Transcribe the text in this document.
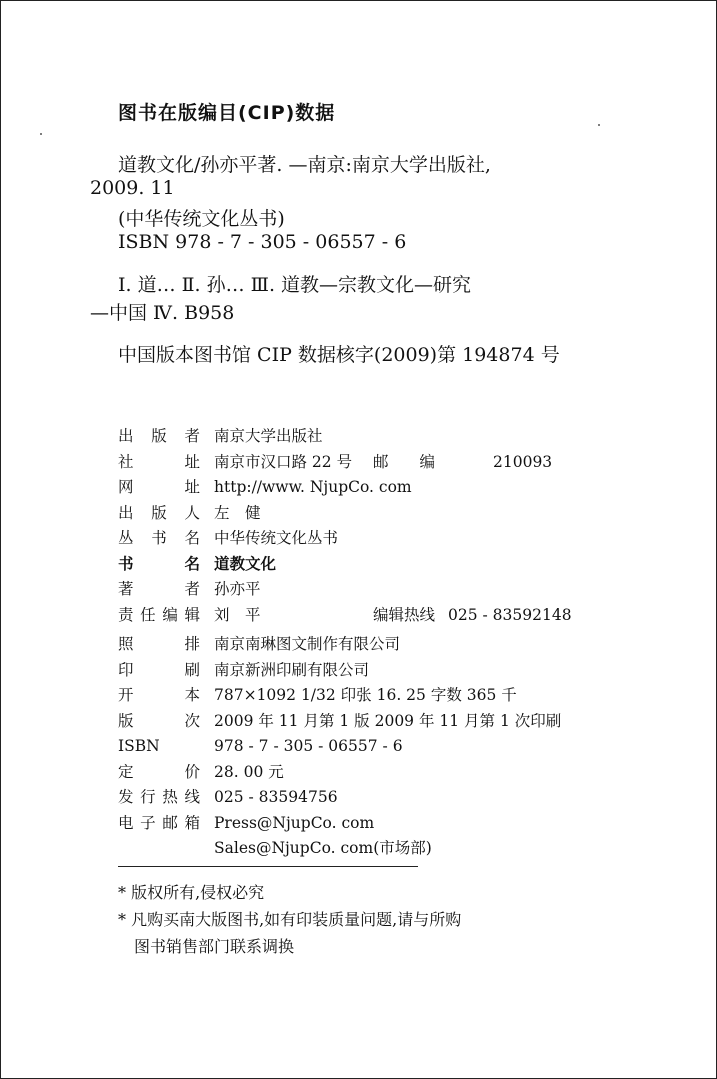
图书在版编目(CIP)数据
道教文化/孙亦平著. —南京:南京大学出版社,
2009. 11
(中华传统文化丛书)
ISBN 978 - 7 - 305 - 06557 - 6
Ⅰ. 道… Ⅱ. 孙… Ⅲ. 道教—宗教文化—研究
—中国 Ⅳ. B958
中国版本图书馆 CIP 数据核字(2009)第 194874 号
出 版 者 南京大学出版社
社	址 南京市汉口路 22 号 邮　　编	210093
网	址 http://www. NjupCo. com
出 版 人 左　健
丛 书 名 中华传统文化丛书
书	名 道教文化
著	者 孙亦平
责 任 编 辑 刘　平	编辑热线 025 - 83592148
照	排 南京南琳图文制作有限公司
印	刷 南京新洲印刷有限公司
开	本 787×1092 1/32 印张 16. 25 字数 365 千
版	次 2009 年 11 月第 1 版 2009 年 11 月第 1 次印刷
ISBN	978 - 7 - 305 - 06557 - 6
定	价 28. 00 元
发 行 热 线 025 - 83594756
电 子 邮 箱 Press@NjupCo. com
Sales@NjupCo. com(市场部)
* 版权所有,侵权必究
* 凡购买南大版图书,如有印装质量问题,请与所购
图书销售部门联系调换
